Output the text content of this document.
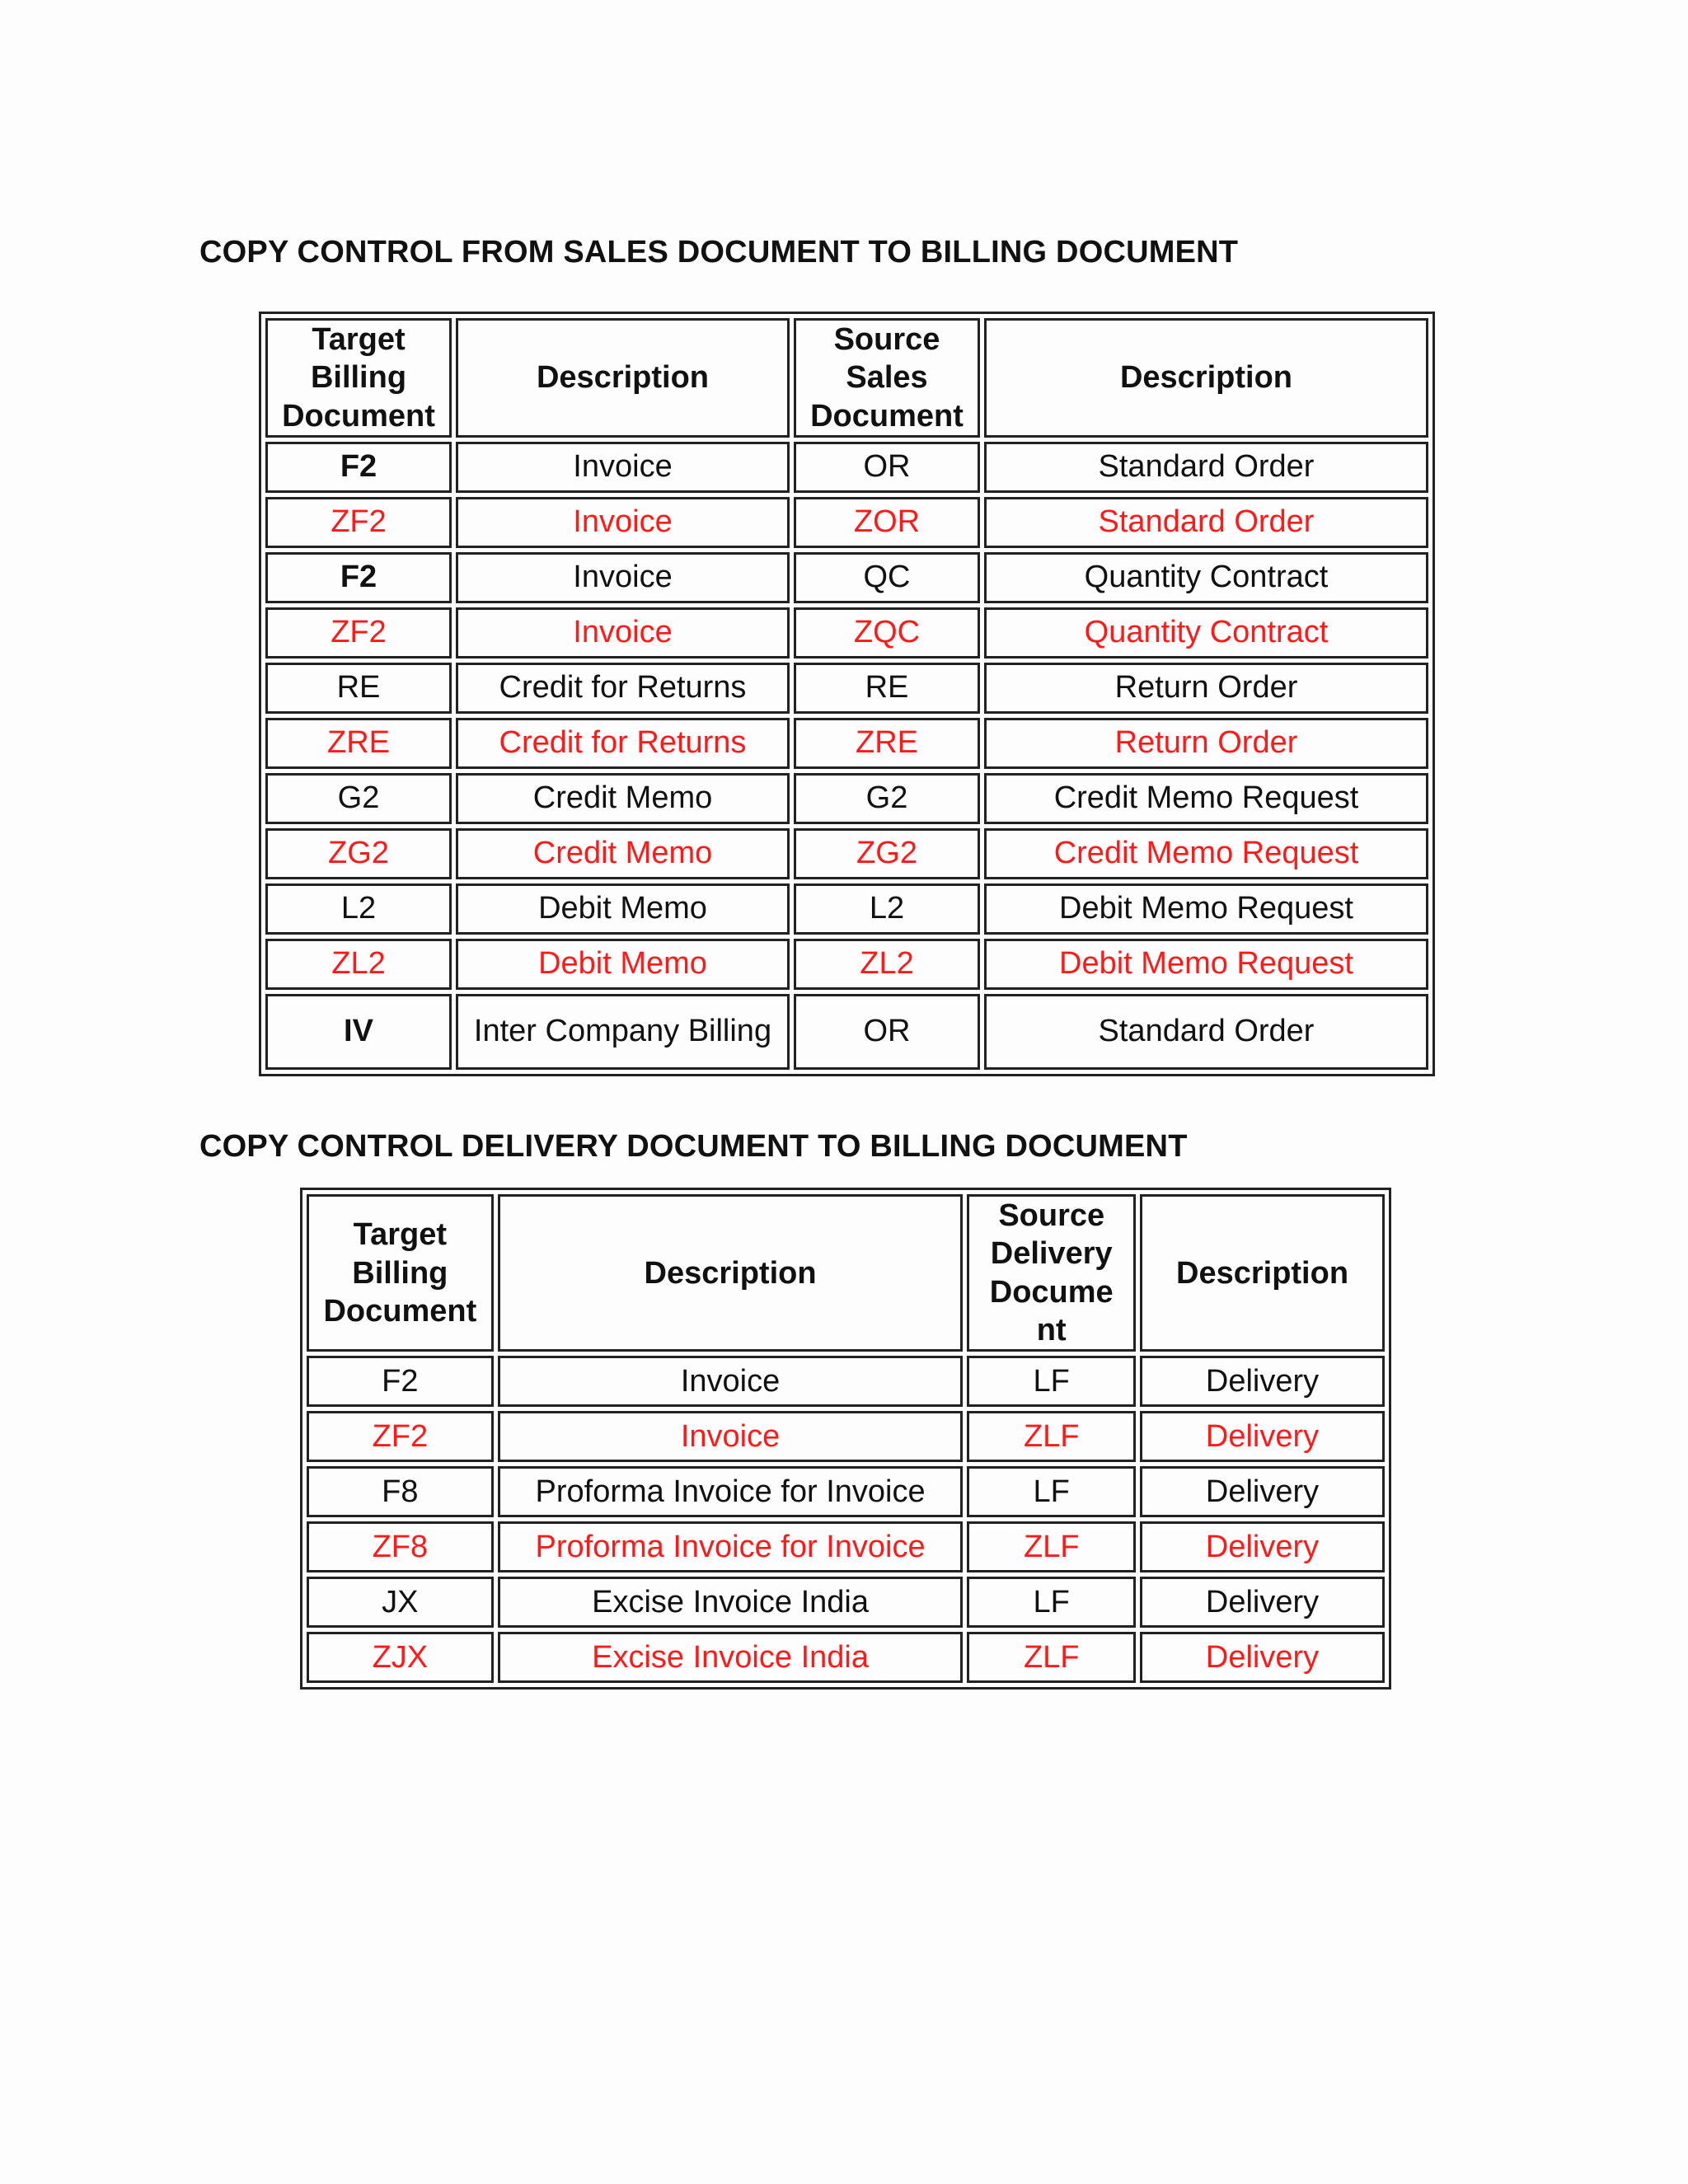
COPY CONTROL FROM SALES DOCUMENT TO BILLING DOCUMENT
Target Billing Document	Description	Source Sales Document	Description
F2	Invoice	OR	Standard Order
ZF2	Invoice	ZOR	Standard Order
F2	Invoice	QC	Quantity Contract
ZF2	Invoice	ZQC	Quantity Contract
RE	Credit for Returns	RE	Return Order
ZRE	Credit for Returns	ZRE	Return Order
G2	Credit Memo	G2	Credit Memo Request
ZG2	Credit Memo	ZG2	Credit Memo Request
L2	Debit Memo	L2	Debit Memo Request
ZL2	Debit Memo	ZL2	Debit Memo Request
IV	Inter Company Billing	OR	Standard Order
COPY CONTROL DELIVERY DOCUMENT TO BILLING DOCUMENT
Target Billing Document	Description	Source Delivery Docume nt	Description
F2	Invoice	LF	Delivery
ZF2	Invoice	ZLF	Delivery
F8	Proforma Invoice for Invoice	LF	Delivery
ZF8	Proforma Invoice for Invoice	ZLF	Delivery
JX	Excise Invoice India	LF	Delivery
ZJX	Excise Invoice India	ZLF	Delivery
